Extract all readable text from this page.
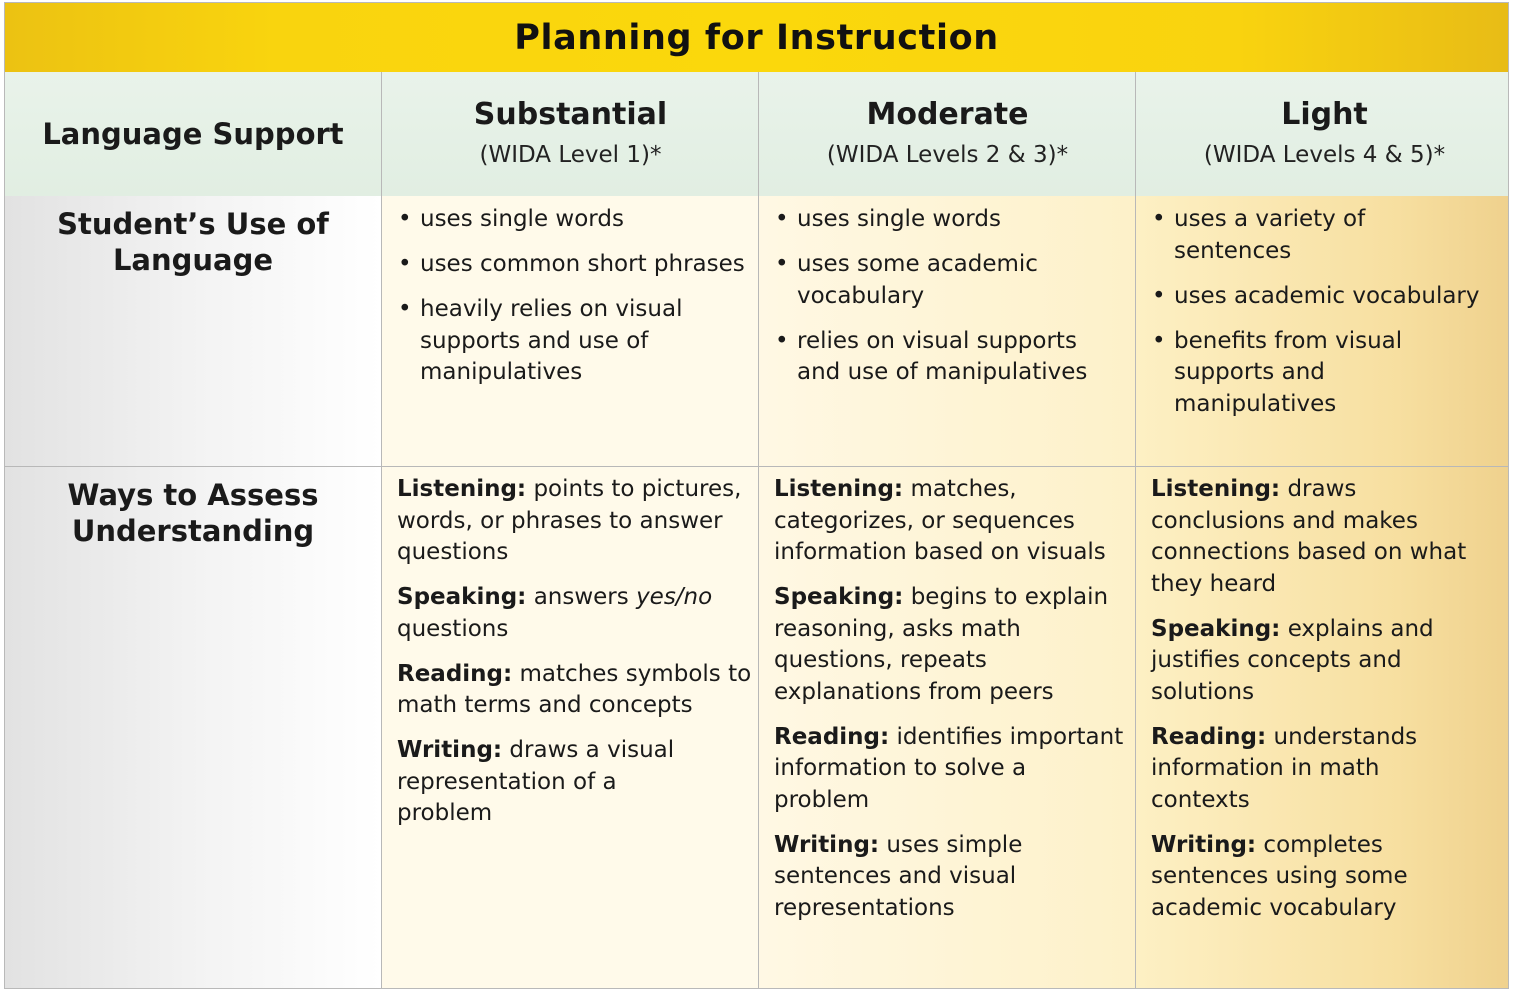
Planning for Instruction
Language Support
Substantial
(WIDA Level 1)*
Moderate
(WIDA Levels 2 & 3)*
Light
(WIDA Levels 4 & 5)*
Student’s Use of Language
• uses single words
• uses common short phrases
• heavily relies on visual supports and use of manipulatives
• uses single words
• uses some academic vocabulary
• relies on visual supports and use of manipulatives
• uses a variety of sentences
• uses academic vocabulary
• benefits from visual supports and manipulatives
Ways to Assess Understanding

Listening: points to pictures, words, or phrases to answer questions

Speaking: answers yes/no questions

Reading: matches symbols to math terms and concepts

Writing: draws a visual representation of a problem

Listening: matches, categorizes, or sequences information based on visuals

Speaking: begins to explain reasoning, asks math questions, repeats explanations from peers

Reading: identifies important information to solve a problem

Writing: uses simple sentences and visual representations

Listening: draws conclusions and makes connections based on what they heard

Speaking: explains and justifies concepts and solutions

Reading: understands information in math contexts

Writing: completes sentences using some academic vocabulary
